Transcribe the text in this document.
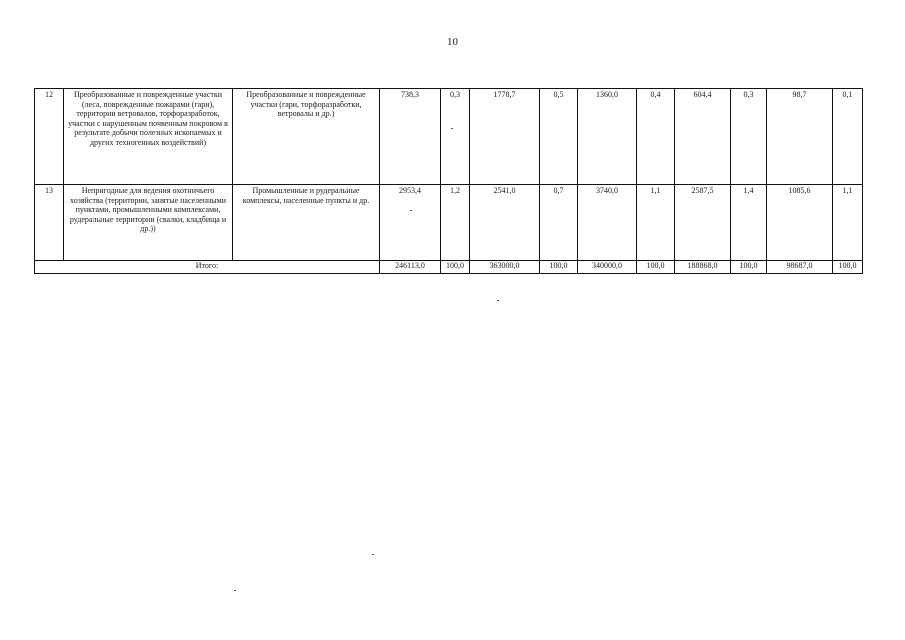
10
12	Преобразованные и поврежденные участки (леса, поврежденные пожарами (гари), территории ветровалов, торфоразработок, участки с нарушенным почвенным покровом в результате добычи полезных ископаемых и других техногенных воздействий)	Преобразованные и поврежденные участки (гари, торфоразработки, ветровалы и др.)	738,3	0,3	1778,7	0,5	1360,0	0,4	604,4	0,3	98,7	0,1
13	Непригодные для ведения охотничьего хозяйства (территории, занятые населенными пунктами, промышленными комплексами, рудеральные территории (свалки, кладбища и др.))	Промышленные и рудеральные комплексы, населенные пункты и др.	2953,4	1,2	2541,0	0,7	3740,0	1,1	2587,5	1,4	1085,6	1,1
Итого:			246113,0	100,0	363000,0	100,0	340000,0	100,0	188868,0	100,0	98687,0	100,0
